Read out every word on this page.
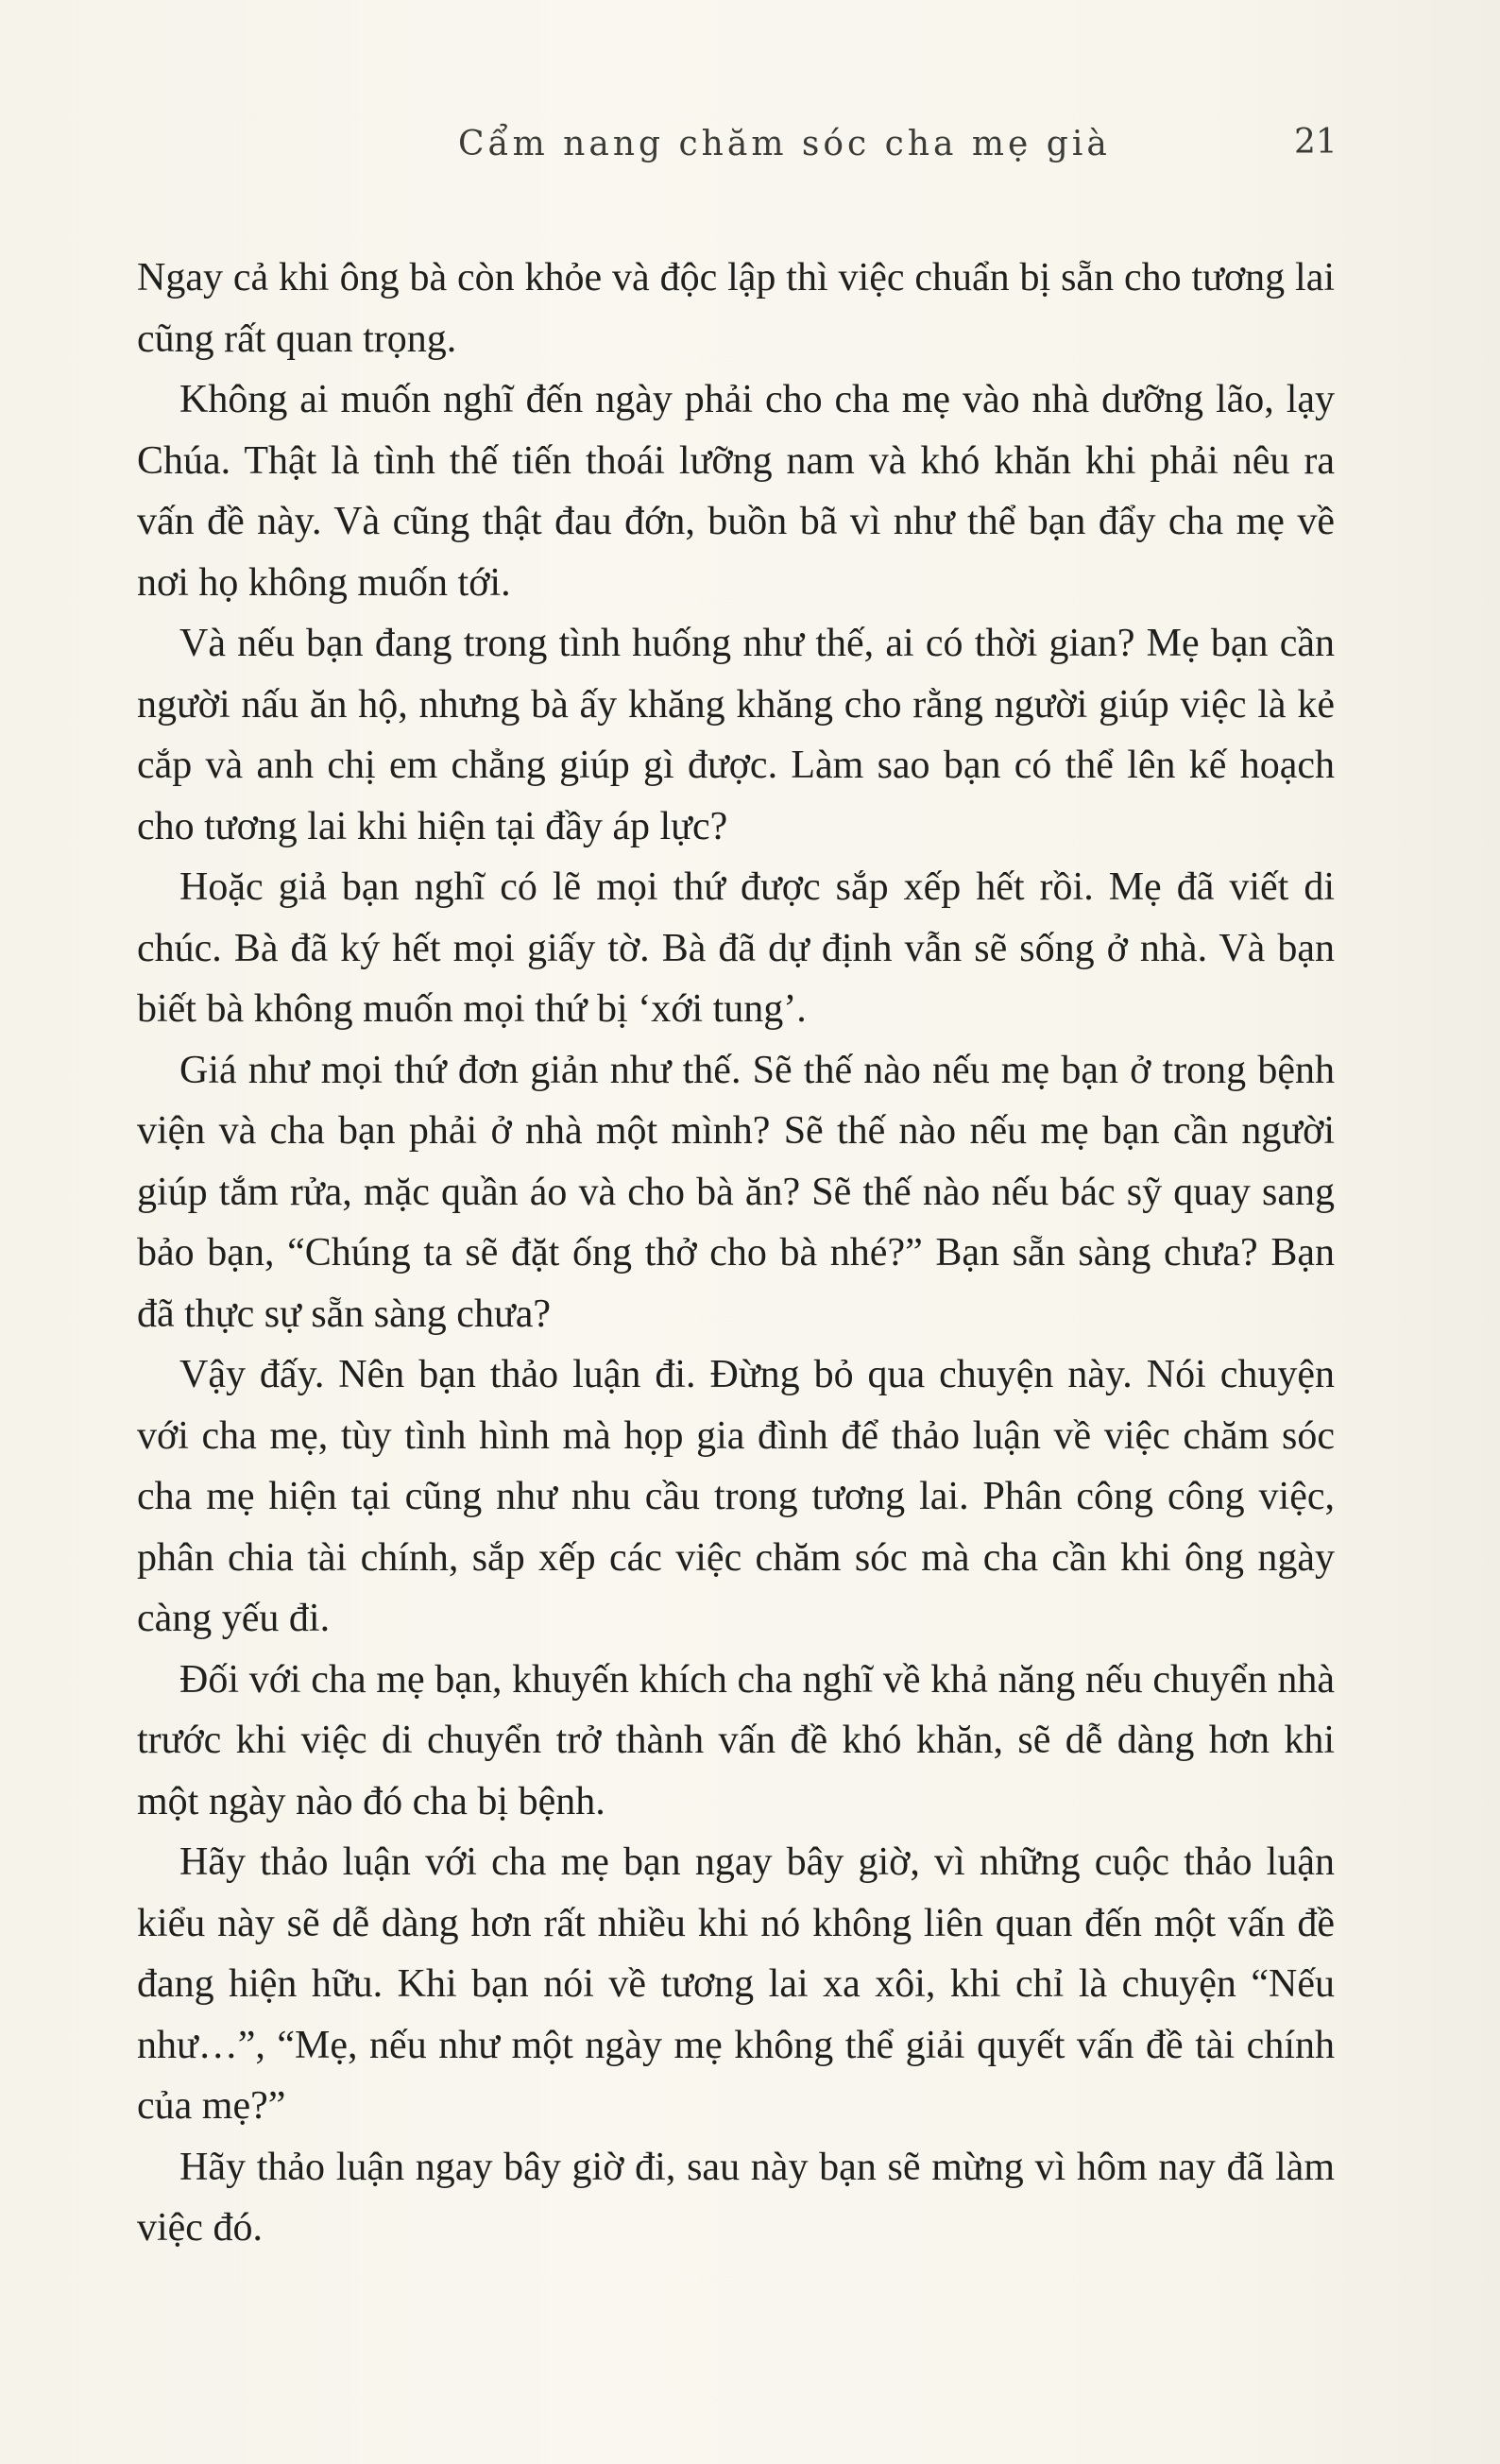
Cẩm nang chăm sóc cha mẹ già	21

Ngay cả khi ông bà còn khỏe và độc lập thì việc chuẩn bị sẵn cho tương lai cũng rất quan trọng.

Không ai muốn nghĩ đến ngày phải cho cha mẹ vào nhà dưỡng lão, lạy Chúa. Thật là tình thế tiến thoái lưỡng nam và khó khăn khi phải nêu ra vấn đề này. Và cũng thật đau đớn, buồn bã vì như thể bạn đẩy cha mẹ về nơi họ không muốn tới.

Và nếu bạn đang trong tình huống như thế, ai có thời gian? Mẹ bạn cần người nấu ăn hộ, nhưng bà ấy khăng khăng cho rằng người giúp việc là kẻ cắp và anh chị em chẳng giúp gì được. Làm sao bạn có thể lên kế hoạch cho tương lai khi hiện tại đầy áp lực?

Hoặc giả bạn nghĩ có lẽ mọi thứ được sắp xếp hết rồi. Mẹ đã viết di chúc. Bà đã ký hết mọi giấy tờ. Bà đã dự định vẫn sẽ sống ở nhà. Và bạn biết bà không muốn mọi thứ bị ‘xới tung’.

Giá như mọi thứ đơn giản như thế. Sẽ thế nào nếu mẹ bạn ở trong bệnh viện và cha bạn phải ở nhà một mình? Sẽ thế nào nếu mẹ bạn cần người giúp tắm rửa, mặc quần áo và cho bà ăn? Sẽ thế nào nếu bác sỹ quay sang bảo bạn, “Chúng ta sẽ đặt ống thở cho bà nhé?” Bạn sẵn sàng chưa? Bạn đã thực sự sẵn sàng chưa?

Vậy đấy. Nên bạn thảo luận đi. Đừng bỏ qua chuyện này. Nói chuyện với cha mẹ, tùy tình hình mà họp gia đình để thảo luận về việc chăm sóc cha mẹ hiện tại cũng như nhu cầu trong tương lai. Phân công công việc, phân chia tài chính, sắp xếp các việc chăm sóc mà cha cần khi ông ngày càng yếu đi.

Đối với cha mẹ bạn, khuyến khích cha nghĩ về khả năng nếu chuyển nhà trước khi việc di chuyển trở thành vấn đề khó khăn, sẽ dễ dàng hơn khi một ngày nào đó cha bị bệnh.

Hãy thảo luận với cha mẹ bạn ngay bây giờ, vì những cuộc thảo luận kiểu này sẽ dễ dàng hơn rất nhiều khi nó không liên quan đến một vấn đề đang hiện hữu. Khi bạn nói về tương lai xa xôi, khi chỉ là chuyện “Nếu như…”, “Mẹ, nếu như một ngày mẹ không thể giải quyết vấn đề tài chính của mẹ?”

Hãy thảo luận ngay bây giờ đi, sau này bạn sẽ mừng vì hôm nay đã làm việc đó.
